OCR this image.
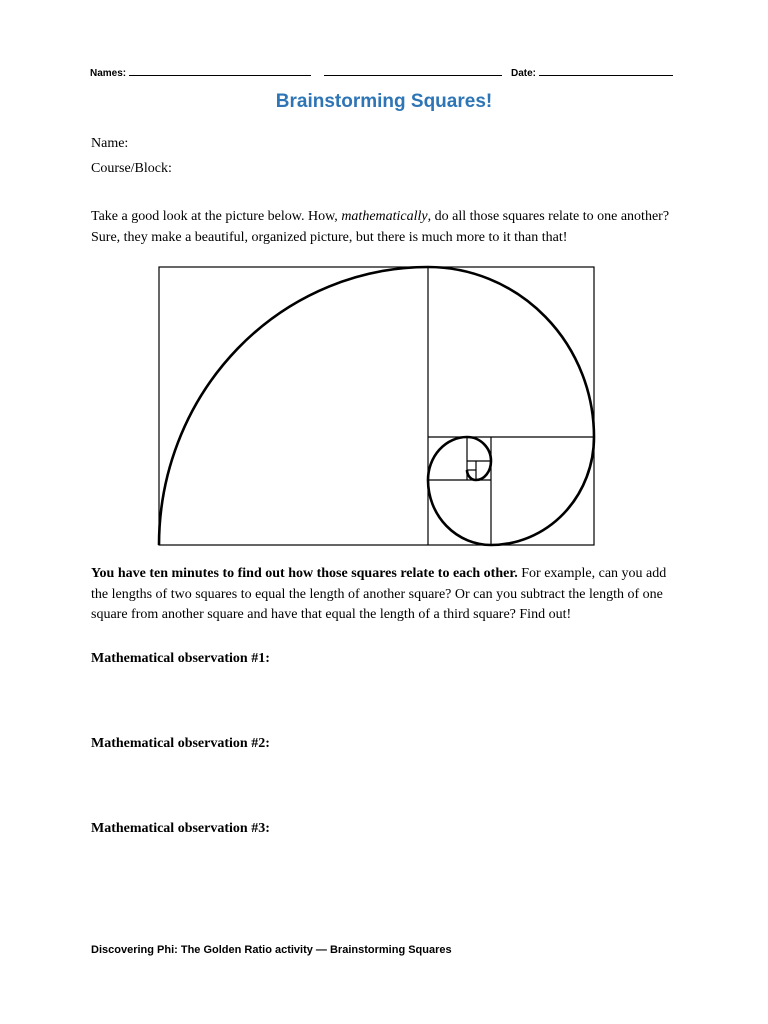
Names:	Date:
Brainstorming Squares!
Name:
Course/Block:

Take a good look at the picture below. How, mathematically, do all those squares relate to one another? Sure, they make a beautiful, organized picture, but there is much more to it than that!

You have ten minutes to find out how those squares relate to each other. For example, can you add the lengths of two squares to equal the length of another square? Or can you subtract the length of one square from another square and have that equal the length of a third square? Find out!

Mathematical observation #1:
Mathematical observation #2:
Mathematical observation #3:
Discovering Phi: The Golden Ratio activity — Brainstorming Squares
